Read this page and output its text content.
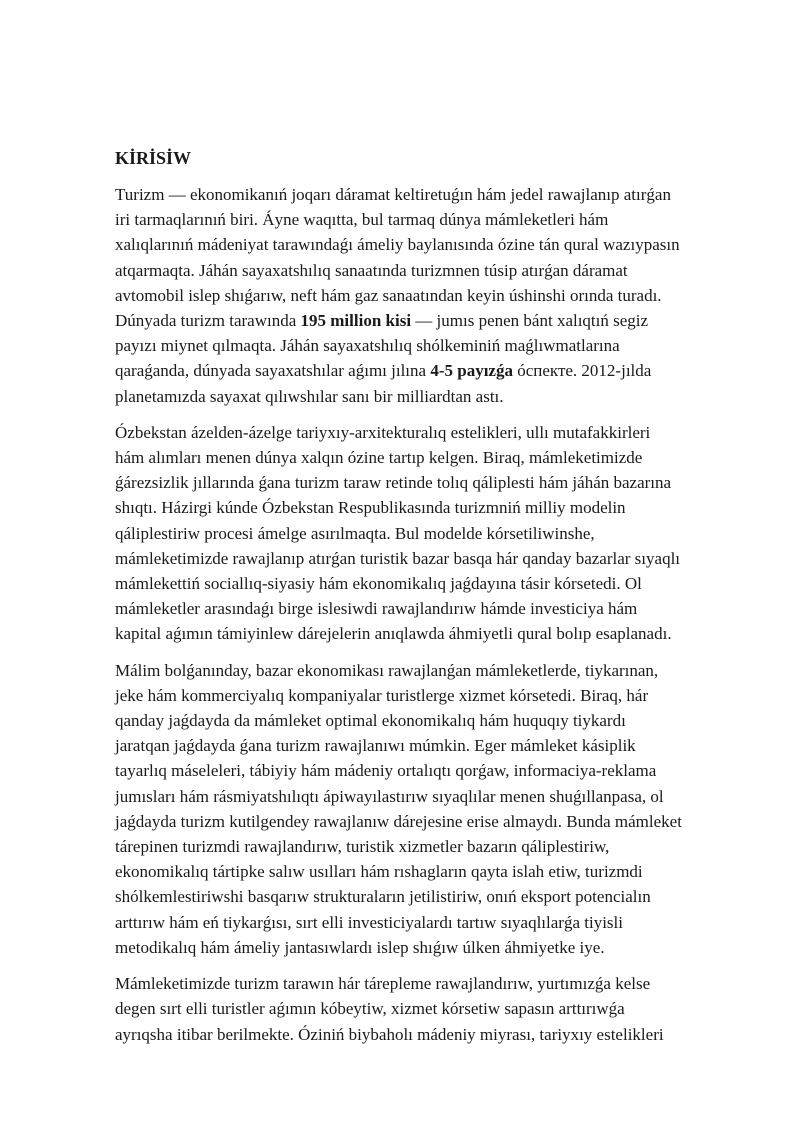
KİRİSİW
Turizm — ekonomikanıń joqarı dáramat keltiretuǵın hám jedel rawajlanıp atırǵan
iri tarmaqlarınıń biri. Áyne waqıtta, bul tarmaq dúnya mámleketleri hám
xalıqlarınıń mádeniyat tarawındaǵı ámeliy baylanısında ózine tán qural wazıypasın
atqarmaqta. Jáhán sayaxatshılıq sanaatında turizmnen túsip atırǵan dáramat
avtomobil islep shıǵarıw, neft hám gaz sanaatından keyin úshinshi orında turadı.
Dúnyada turizm tarawında 195 million kisi — jumıs penen bánt xalıqtıń segiz
payızı miynet qılmaqta. Jáhán sayaxatshılıq shólkeminiń maǵlıwmatlarına
qaraǵanda, dúnyada sayaxatshılar aǵımı jılına 4-5 payızǵa ócпекте. 2012-jılda
planetamızda sayaxat qılıwshılar sanı bir milliardtan astı.
Ózbekstan ázelden-ázelge tariyxıy-arxitekturalıq estelikleri, ullı mutafakkirleri
hám alımları menen dúnya xalqın ózine tartıp kelgen. Biraq, mámleketimizde
ǵárezsizlik jıllarında ǵana turizm taraw retinde tolıq qáliplesti hám jáhán bazarına
shıqtı. Házirgi kúnde Ózbekstan Respublikasında turizmniń milliy modelin
qáliplestiriw procesi ámelge asırılmaqta. Bul modelde kórsetiliwinshe,
mámleketimizde rawajlanıp atırǵan turistik bazar basqa hár qanday bazarlar sıyaqlı
mámlekettiń sociallıq-siyasiy hám ekonomikalıq jaǵdayına tásir kórsetedi. Ol
mámleketler arasındaǵı birge islesiwdi rawajlandırıw hámde investiciya hám
kapital aǵımın támiyinlew dárejelerin anıqlawda áhmiyetli qural bolıp esaplanadı.
Málim bolǵanınday, bazar ekonomikası rawajlanǵan mámleketlerde, tiykarınan,
jeke hám kommerciyalıq kompaniyalar turistlerge xizmet kórsetedi. Biraq, hár
qanday jaǵdayda da mámleket optimal ekonomikalıq hám huquqıy tiykardı
jaratqan jaǵdayda ǵana turizm rawajlanıwı múmkin. Eger mámleket kásiplik
tayarlıq máseleleri, tábiyiy hám mádeniy ortalıqtı qorǵaw, informaciya-reklama
jumısları hám rásmiyatshılıqtı ápiwayılastırıw sıyaqlılar menen shuǵıllanpasa, ol
jaǵdayda turizm kutilgendey rawajlanıw dárejesine erise almaydı. Bunda mámleket
tárepinen turizmdi rawajlandırıw, turistik xizmetler bazarın qáliplestiriw,
ekonomikalıq tártipke salıw usılları hám rıshagların qayta islah etiw, turizmdi
shólkemlestiriwshi basqarıw strukturaların jetilistiriw, onıń eksport potencialın
arttırıw hám eń tiykarǵısı, sırt elli investiciyalardı tartıw sıyaqlılarǵa tiyisli
metodikalıq hám ámeliy jantasıwlardı islep shıǵıw úlken áhmiyetke iye.
Mámleketimizde turizm tarawın hár tárepleme rawajlandırıw, yurtımızǵa kelse
degen sırt elli turistler aǵımın kóbeytiw, xizmet kórsetiw sapasın arttırıwǵa
ayrıqsha itibar berilmekte. Óziniń biybaholı mádeniy miyrası, tariyxıy estelikleri
